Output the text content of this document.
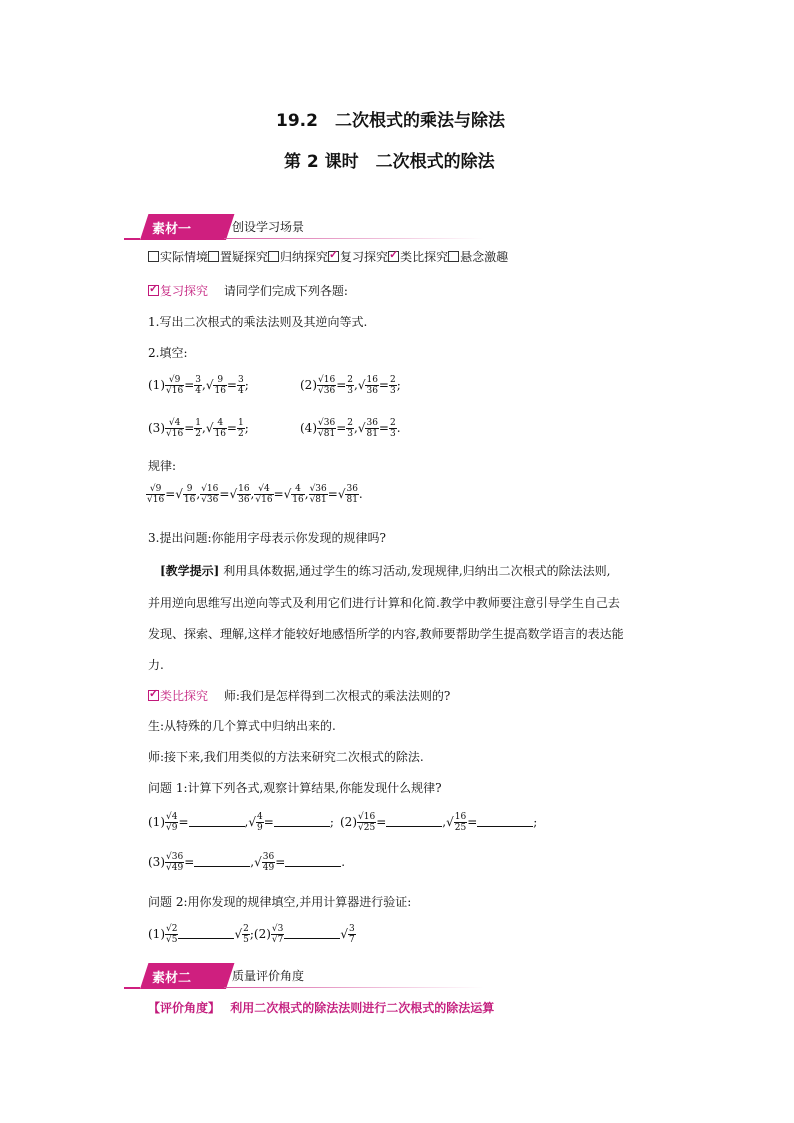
19.2　二次根式的乘法与除法
第 2 课时　二次根式的除法
素材一	创设学习场景
实际情境 置疑探究 归纳探究 ✓ 复习探究 ✓ 类比探究 悬念激趣
✓复习探究 请同学们完成下列各题:
1.写出二次根式的乘法法则及其逆向等式.
2.填空:
$(1) \frac{√9}{√16} = \frac{3}{4}$ ,√ $\frac{9}{16} = \frac{3}{4}$ ;	$(2) \frac{√16}{√36} = \frac{2}{3}$ ,√ $\frac{16}{36} = \frac{2}{3}$ ;
$(3) \frac{√4}{√16} = \frac{1}{2}$ ,√ $\frac{4}{16} = \frac{1}{2}$ ;	$(4) \frac{√36}{√81} = \frac{2}{3}$ ,√ $\frac{36}{81} = \frac{2}{3}$ .
规律:
$\frac{√9}{√16}$ =√ $\frac{9}{16}$ , $\frac{√16}{√36}$ =√ $\frac{16}{36}$ , $\frac{√4}{√16}$ =√ $\frac{4}{16}$ , $\frac{√36}{√81}$ =√ $\frac{36}{81}$ .
3.提出问题:你能用字母表示你发现的规律吗?
[教学提示] 利用具体数据,通过学生的练习活动,发现规律,归纳出二次根式的除法法则,
并用逆向思维写出逆向等式及利用它们进行计算和化简.教学中教师要注意引导学生自己去
发现、探索、理解,这样才能较好地感悟所学的内容,教师要帮助学生提高数学语言的表达能
力.
✓类比探究 师:我们是怎样得到二次根式的乘法法则的?
生:从特殊的几个算式中归纳出来的.
师:接下来,我们用类似的方法来研究二次根式的除法.
问题 1:计算下列各式,观察计算结果,你能发现什么规律?
$(1) \frac{√4}{√9}$ =	,√ $\frac{4}{9}$ =	; $(2) \frac{√16}{√25}$ =	,√ $\frac{16}{25}$ =	;
$(3) \frac{√36}{√49}$ =	,√ $\frac{36}{49}$ =	.
问题 2:用你发现的规律填空,并用计算器进行验证:
$(1) \frac{√2}{√5}$	√ $\frac{2}{5}$ ;(2) $\frac{√3}{√7}$	√ $\frac{3}{7}$
素材二	质量评价角度
【评价角度】 利用二次根式的除法法则进行二次根式的除法运算
